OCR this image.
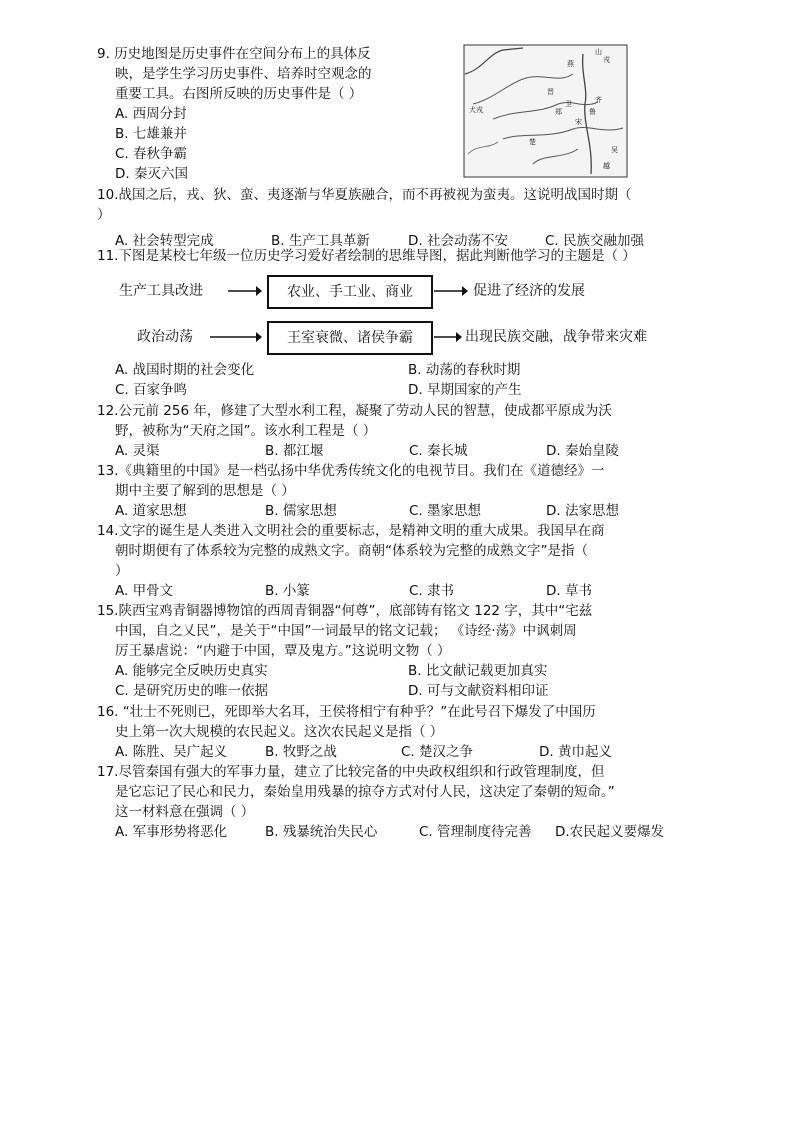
9. 历史地图是历史事件在空间分布上的具体反
映，是学生学习历史事件、培养时空观念的
重要工具。右图所反映的历史事件是（ ）
A. 西周分封
B. 七雄兼并
C. 春秋争霸
D. 秦灭六国
山
戎
燕
晋
齐
犬戎
宋
楚
吴
越
郑
卫
鲁
10.战国之后，戎、狄、蛮、夷逐渐与华夏族融合，而不再被视为蛮夷。这说明战国时期（
）
A. 社会转型完成	B. 生产工具革新	D. 社会动荡不安	C. 民族交融加强
11.下图是某校七年级一位历史学习爱好者绘制的思维导图，据此判断他学习的主题是（ ）
生产工具改进	农业、手工业、商业	促进了经济的发展
政治动荡	王室衰微、诸侯争霸	出现民族交融，战争带来灾难
A. 战国时期的社会变化	B. 动荡的春秋时期
C. 百家争鸣	D. 早期国家的产生
12.公元前 256 年，修建了大型水利工程，凝聚了劳动人民的智慧，使成都平原成为沃
野，被称为“天府之国”。该水利工程是（ ）
A. 灵渠	B. 都江堰	C. 秦长城	D. 秦始皇陵
13.《典籍里的中国》是一档弘扬中华优秀传统文化的电视节目。我们在《道德经》一
期中主要了解到的思想是（ ）
A. 道家思想	B. 儒家思想	C. 墨家思想	D. 法家思想
14.文字的诞生是人类进入文明社会的重要标志，是精神文明的重大成果。我国早在商
朝时期便有了体系较为完整的成熟文字。商朝“体系较为完整的成熟文字”是指（
）
A. 甲骨文	B. 小篆	C. 隶书	D. 草书
15.陕西宝鸡青铜器博物馆的西周青铜器“何尊”，底部铸有铭文 122 字，其中“宅兹
中国，自之乂民”，是关于“中国”一词最早的铭文记载； 《诗经·荡》中讽刺周
厉王暴虐说：“内避于中国，覃及鬼方。”这说明文物（ ）
A. 能够完全反映历史真实	B. 比文献记载更加真实
C. 是研究历史的唯一依据	D. 可与文献资料相印证
16. “壮士不死则已，死即举大名耳，王侯将相宁有种乎？”在此号召下爆发了中国历
史上第一次大规模的农民起义。这次农民起义是指（ ）
A. 陈胜、吴广起义	B. 牧野之战	C. 楚汉之争	D. 黄巾起义
17.尽管秦国有强大的军事力量，建立了比较完备的中央政权组织和行政管理制度，但
是它忘记了民心和民力，秦始皇用残暴的掠夺方式对付人民，这决定了秦朝的短命。”
这一材料意在强调（ ）
A. 军事形势将恶化	B. 残暴统治失民心	C. 管理制度待完善	D.农民起义要爆发
